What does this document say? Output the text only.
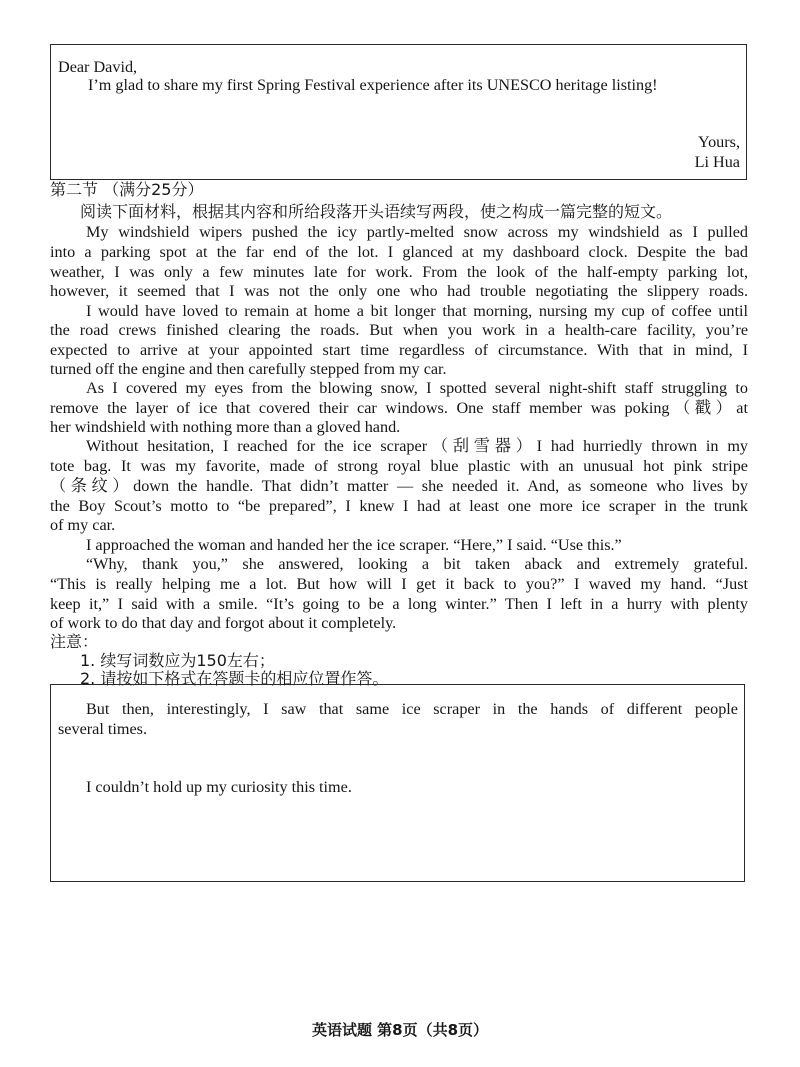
Dear David,
I’m glad to share my first Spring Festival experience after its UNESCO heritage listing!
Yours,
Li Hua
第二节 （满分25分）
阅读下面材料，根据其内容和所给段落开头语续写两段，使之构成一篇完整的短文。
My windshield wipers pushed the icy partly-melted snow across my windshield as I pulled
into a parking spot at the far end of the lot. I glanced at my dashboard clock. Despite the bad
weather, I was only a few minutes late for work. From the look of the half-empty parking lot,
however, it seemed that I was not the only one who had trouble negotiating the slippery roads.
I would have loved to remain at home a bit longer that morning, nursing my cup of coffee until
the road crews finished clearing the roads. But when you work in a health-care facility, you’re
expected to arrive at your appointed start time regardless of circumstance. With that in mind, I
turned off the engine and then carefully stepped from my car.
As I covered my eyes from the blowing snow, I spotted several night-shift staff struggling to
remove the layer of ice that covered their car windows. One staff member was poking（戳）at
her windshield with nothing more than a gloved hand.
Without hesitation, I reached for the ice scraper（刮雪器）I had hurriedly thrown in my
tote bag. It was my favorite, made of strong royal blue plastic with an unusual hot pink stripe
（条纹）down the handle. That didn’t matter — she needed it. And, as someone who lives by
the Boy Scout’s motto to “be prepared”, I knew I had at least one more ice scraper in the trunk
of my car.
I approached the woman and handed her the ice scraper. “Here,” I said. “Use this.”
“Why, thank you,” she answered, looking a bit taken aback and extremely grateful.
“This is really helping me a lot. But how will I get it back to you?” I waved my hand. “Just
keep it,” I said with a smile. “It’s going to be a long winter.” Then I left in a hurry with plenty
of work to do that day and forgot about it completely.
注意：
1. 续写词数应为150左右；
2. 请按如下格式在答题卡的相应位置作答。
But then, interestingly, I saw that same ice scraper in the hands of different people
several times.
I couldn’t hold up my curiosity this time.
英语试题 第8页（共8页）
